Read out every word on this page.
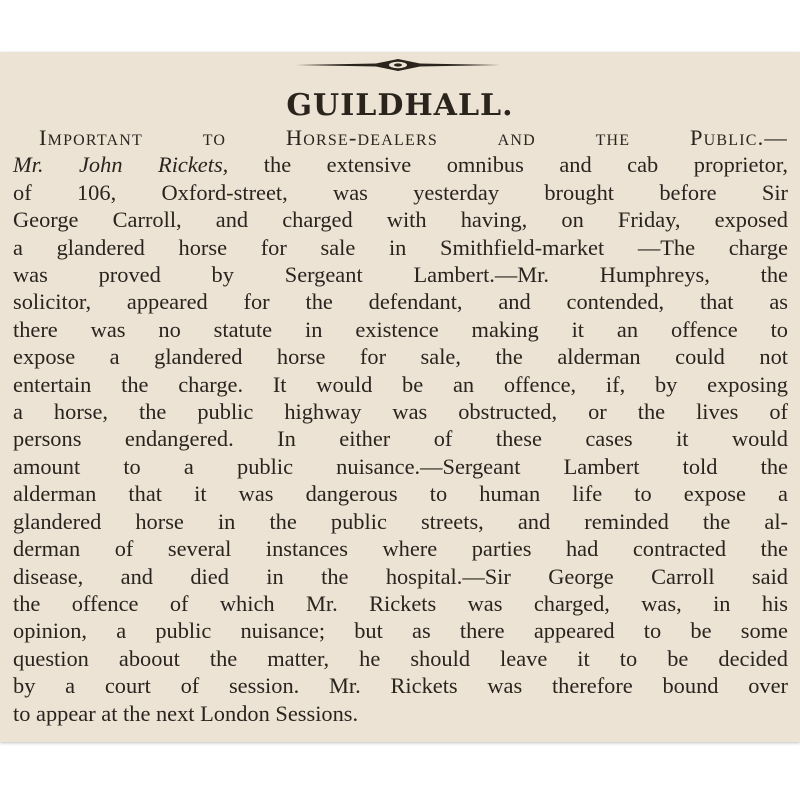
GUILDHALL.

Important to Horse-dealers and the Public.—
Mr. John Rickets, the extensive omnibus and cab proprietor,
of 106, Oxford-street, was yesterday brought before Sir
George Carroll, and charged with having, on Friday, exposed
a glandered horse for sale in Smithfield-market —The charge
was proved by Sergeant Lambert.—Mr. Humphreys, the
solicitor, appeared for the defendant, and contended, that as
there was no statute in existence making it an offence to
expose a glandered horse for sale, the alderman could not
entertain the charge. It would be an offence, if, by exposing
a horse, the public highway was obstructed, or the lives of
persons endangered. In either of these cases it would
amount to a public nuisance.—Sergeant Lambert told the
alderman that it was dangerous to human life to expose a
glandered horse in the public streets, and reminded the al-
derman of several instances where parties had contracted the
disease, and died in the hospital.—Sir George Carroll said
the offence of which Mr. Rickets was charged, was, in his
opinion, a public nuisance; but as there appeared to be some
question aboout the matter, he should leave it to be decided
by a court of session. Mr. Rickets was therefore bound over
to appear at the next London Sessions.
